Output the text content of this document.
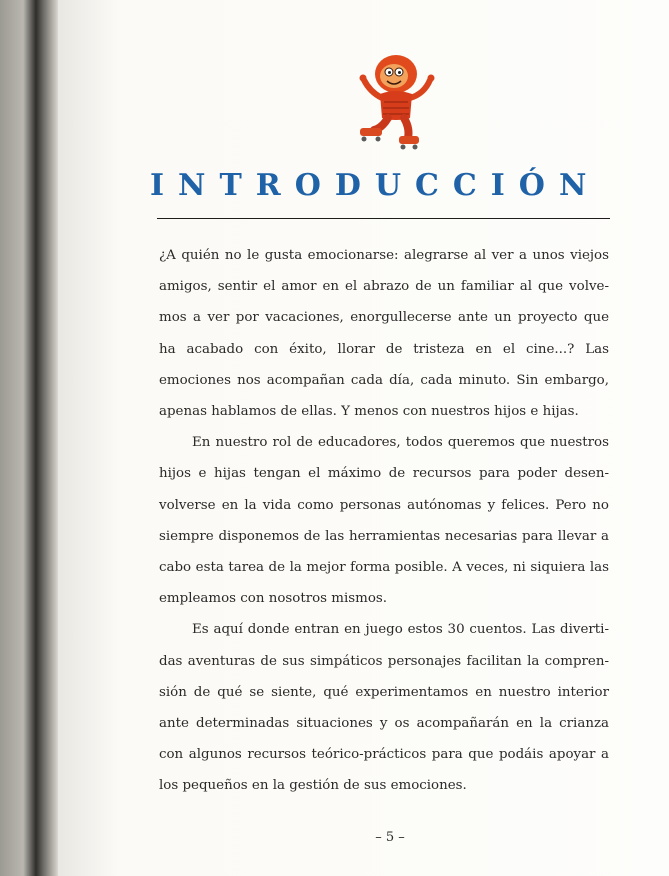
INTRODUCCIÓN

¿A quién no le gusta emocionarse: alegrarse al ver a unos viejos amigos, sentir el amor en el abrazo de un familiar al que volvemos a ver por vacaciones, enorgullecerse ante un proyecto que ha acabado con éxito, llorar de tristeza en el cine...? Las emociones nos acompañan cada día, cada minuto. Sin embargo, apenas hablamos de ellas. Y menos con nuestros hijos e hijas.

En nuestro rol de educadores, todos queremos que nuestros hijos e hijas tengan el máximo de recursos para poder desenvolverse en la vida como personas autónomas y felices. Pero no siempre disponemos de las herramientas necesarias para llevar a cabo esta tarea de la mejor forma posible. A veces, ni siquiera las empleamos con nosotros mismos.

Es aquí donde entran en juego estos 30 cuentos. Las divertidas aventuras de sus simpáticos personajes facilitan la comprensión de qué se siente, qué experimentamos en nuestro interior ante determinadas situaciones y os acompañarán en la crianza con algunos recursos teórico-prácticos para que podáis apoyar a los pequeños en la gestión de sus emociones.

– 5 –
